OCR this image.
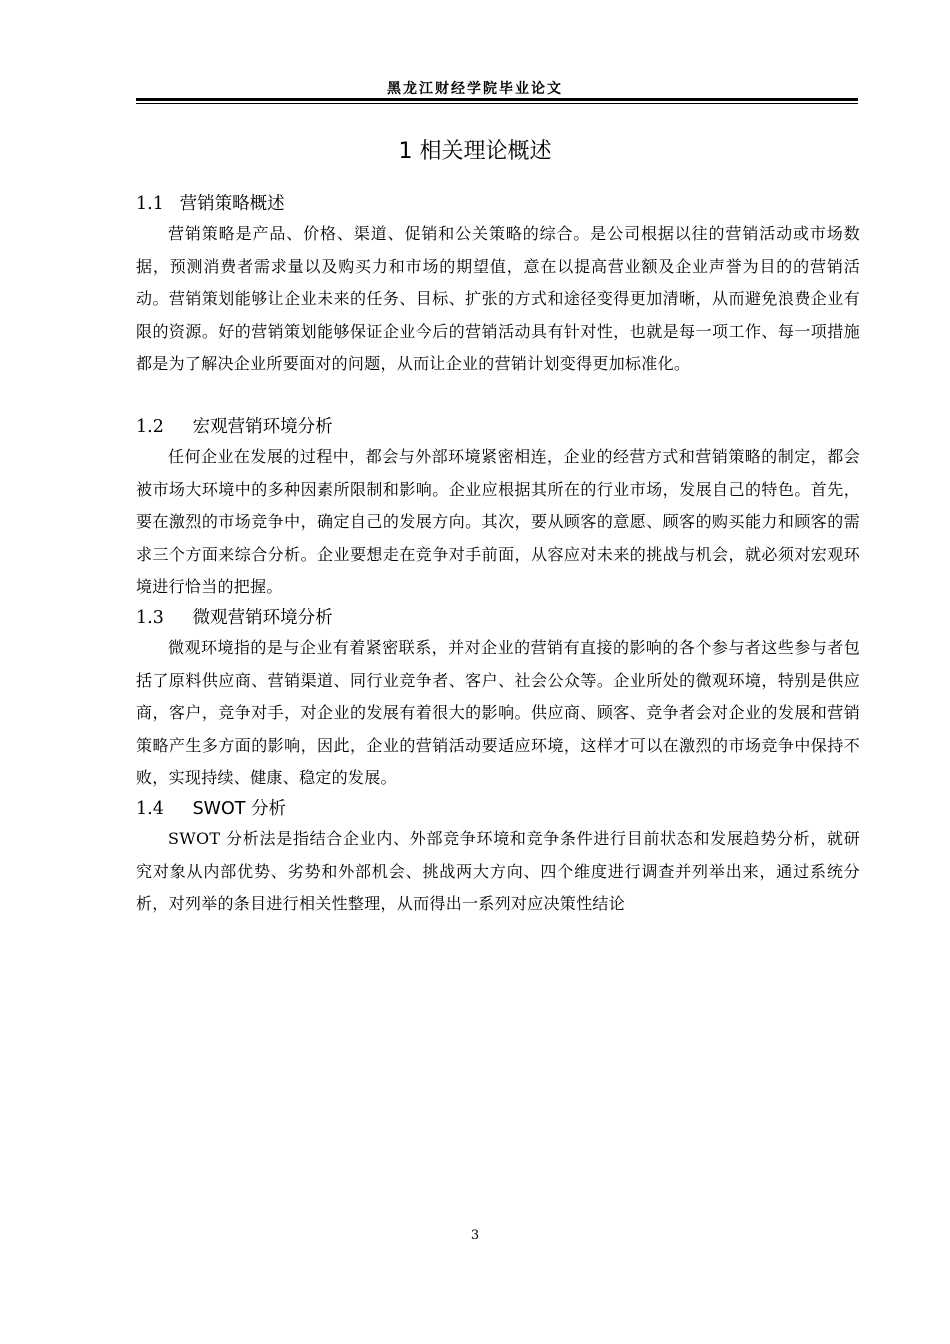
黑龙江财经学院毕业论文
1 相关理论概述
1.1 营销策略概述
营销策略是产品、价格、渠道、促销和公关策略的综合。是公司根据以往的营销活动或市场数据，预测消费者需求量以及购买力和市场的期望值，意在以提高营业额及企业声誉为目的的营销活动。营销策划能够让企业未来的任务、目标、扩张的方式和途径变得更加清晰，从而避免浪费企业有限的资源。好的营销策划能够保证企业今后的营销活动具有针对性，也就是每一项工作、每一项措施都是为了解决企业所要面对的问题，从而让企业的营销计划变得更加标准化。
1.2 宏观营销环境分析
任何企业在发展的过程中，都会与外部环境紧密相连，企业的经营方式和营销策略的制定，都会被市场大环境中的多种因素所限制和影响。企业应根据其所在的行业市场，发展自己的特色。首先，要在激烈的市场竞争中，确定自己的发展方向。其次，要从顾客的意愿、顾客的购买能力和顾客的需求三个方面来综合分析。企业要想走在竞争对手前面，从容应对未来的挑战与机会，就必须对宏观环境进行恰当的把握。
1.3 微观营销环境分析
微观环境指的是与企业有着紧密联系，并对企业的营销有直接的影响的各个参与者这些参与者包括了原料供应商、营销渠道、同行业竞争者、客户、社会公众等。企业所处的微观环境，特别是供应商，客户，竞争对手，对企业的发展有着很大的影响。供应商、顾客、竞争者会对企业的发展和营销策略产生多方面的影响，因此，企业的营销活动要适应环境，这样才可以在激烈的市场竞争中保持不败，实现持续、健康、稳定的发展。
1.4 SWOT 分析
SWOT 分析法是指结合企业内、外部竞争环境和竞争条件进行目前状态和发展趋势分析，就研究对象从内部优势、劣势和外部机会、挑战两大方向、四个维度进行调查并列举出来，通过系统分析，对列举的条目进行相关性整理，从而得出一系列对应决策性结论
3
